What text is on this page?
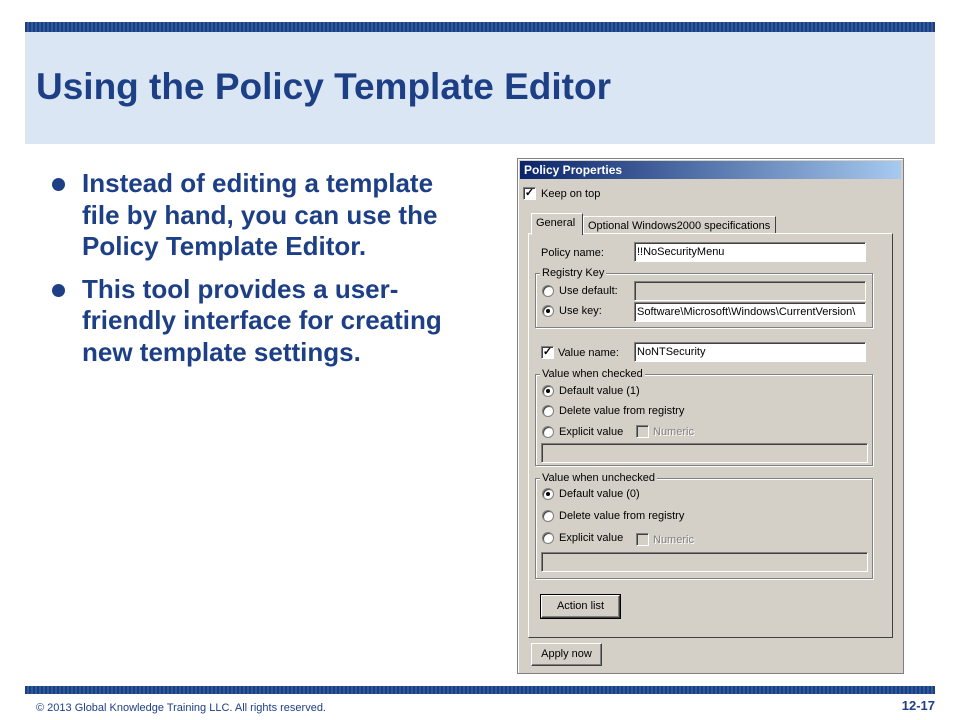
Using the Policy Template Editor
Instead of editing a template file by hand, you can use the Policy Template Editor.
This tool provides a user-friendly interface for creating new template settings.
Policy Properties
✓ Keep on top
General	Optional Windows2000 specifications
Policy name:	!!NoSecurityMenu
Registry Key
Use default:
Use key:	Software\Microsoft\Windows\CurrentVersion\
✓ Value name: NoNTSecurity
Value when checked
Default value (1)
Delete value from registry
Explicit value	Numeric
Value when unchecked
Default value (0)
Delete value from registry
Explicit value	Numeric
Action list
Apply now
© 2013 Global Knowledge Training LLC. All rights reserved.	12-17
